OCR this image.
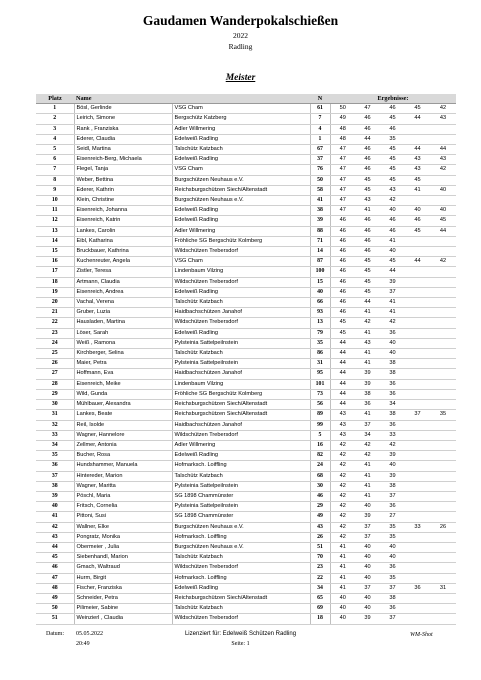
Gaudamen Wanderpokalschießen
2022
Radling
Meister
Platz	Name		N	Ergebnisse:				
1	Bösl, Gerlinde	VSG Cham	61	50	47	46	45	42
2	Leirich, Simone	Bergschütz Katzberg	7	49	46	45	44	43
3	Rank , Franziska	Adler Willmering	4	48	46	46		
4	Ederer, Claudia	Edelweiß Radling	1	48	44	35		
5	Seidl, Martina	Talschütz Katzbach	67	47	46	45	44	44
6	Eisenreich-Berg, Michaela	Edelweiß Radling	37	47	46	45	43	43
7	Flegel, Tanja	VSG Cham	76	47	46	45	43	42
8	Weber, Bettina	Burgschützen Neuhaus e.V.	50	47	45	45	45	
9	Ederer, Kathrin	Reichsburgschützen Siech/Altenstadt	58	47	45	43	41	40
10	Klein, Christine	Burgschützen Neuhaus e.V.	41	47	43	42		
11	Eisenreich, Johanna	Edelweiß Radling	38	47	41	40	40	40
12	Eisenreich, Katrin	Edelweiß Radling	39	46	46	46	46	45
13	Lankes, Carolin	Adler Willmering	88	46	46	46	45	44
14	Eibl, Katharina	Fröhliche SG Bergschütz Kolmberg	71	46	46	41		
15	Bruckbauer, Kathrina	Wildschützen Trebersdorf	14	46	46	40		
16	Kuchenreuter, Angela	VSG Cham	87	46	45	45	44	42
17	Zistler, Teresa	Lindenbaum Vilzing	100	46	45	44		
18	Artmann, Claudia	Wildschützen Trebersdorf	15	46	45	39		
19	Eisenreich, Andrea	Edelweiß Radling	40	46	45	37		
20	Vachal, Verena	Talschütz Katzbach	66	46	44	41		
21	Gruber, Luzia	Haidbachschützen Janahof	93	46	41	41		
22	Hausladen, Martina	Wildschützen Trebersdorf	13	45	42	42		
23	Löser, Sarah	Edelweiß Radling	79	45	41	36		
24	Weiß , Ramona	Pylsteinia Sattelpeilnstein	35	44	43	40		
25	Kirchberger, Selina	Talschütz Katzbach	86	44	41	40		
26	Maier, Petra	Pylsteinia Sattelpeilnstein	31	44	41	38		
27	Hoffmann, Eva	Haidbachschützen Janahof	95	44	39	38		
28	Eisenreich, Meike	Lindenbaum Vilzing	101	44	39	36		
29	Wild, Gunda	Fröhliche SG Bergschütz Kolmberg	73	44	38	36		
30	Mühlbauer, Alexandra	Reichsburgschützen Siech/Altenstadt	56	44	36	34		
31	Lankes, Beate	Reichsburgschützen Siech/Altenstadt	89	43	41	38	37	35
32	Reil, Isolde	Haidbachschützen Janahof	99	43	37	36		
33	Wagner, Hannelore	Wildschützen Trebersdorf	5	43	34	33		
34	Zellmer, Antonia	Adler Willmering	16	42	42	42		
35	Bucher, Rosa	Edelweiß Radling	82	42	42	39		
36	Hundshammer, Manuela	Hofmarksch. Loiffling	24	42	41	40		
37	Hintereder, Marion	Talschütz Katzbach	68	42	41	39		
38	Wagner, Maritta	Pylsteinia Sattelpeilnstein	30	42	41	38		
39	Pöschl, Maria	SG 1898 Chammünster	46	42	41	37		
40	Fritsch, Cornelia	Pylsteinia Sattelpeilnstein	29	42	40	36		
41	Pittoni, Susi	SG 1898 Chammünster	49	42	39	27		
42	Wallner, Elke	Burgschützen Neuhaus e.V.	43	42	37	35	33	26
43	Pongratz, Monika	Hofmarksch. Loiffling	26	42	37	35		
44	Obermeier , Julia	Burgschützen Neuhaus e.V.	51	41	40	40		
45	Siebenhandl, Marion	Talschütz Katzbach	70	41	40	40		
46	Gmach, Waltraud	Wildschützen Trebersdorf	23	41	40	36		
47	Hurm, Birgit	Hofmarksch. Loiffling	22	41	40	35		
48	Fischer, Franziska	Edelweiß Radling	34	41	37	37	36	31
49	Schneider, Petra	Reichsburgschützen Siech/Altenstadt	65	40	40	38		
50	Pilimeier, Sabine	Talschütz Katzbach	69	40	40	36		
51	Weinzierl , Claudia	Wildschützen Trebersdorf	18	40	39	37		
Datum: 05.05.2022
20:49
Lizenziert für: Edelweiß Schützen Radling
Seite: 1
WM-Shot
